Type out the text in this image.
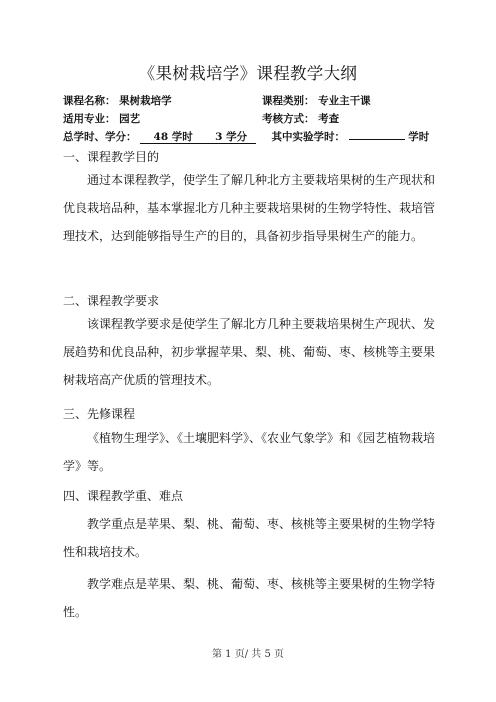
《果树栽培学》课程教学大纲
课程名称： 果树栽培学	课程类别： 专业主干课
适用专业： 园艺	考核方式： 考查
总学时、学分： 48 学时 3 学分 其中实验学时：	学时
一、课程教学目的
通过本课程教学，使学生了解几种北方主要栽培果树的生产现状和优良栽培品种，基本掌握北方几种主要栽培果树的生物学特性、栽培管理技术，达到能够指导生产的目的，具备初步指导果树生产的能力。
二、课程教学要求
该课程教学要求是使学生了解北方几种主要栽培果树生产现状、发展趋势和优良品种，初步掌握苹果、梨、桃、葡萄、枣、核桃等主要果树栽培高产优质的管理技术。
三、先修课程
《植物生理学》、《土壤肥料学》、《农业气象学》和《园艺植物栽培学》等。
四、课程教学重、难点
教学重点是苹果、梨、桃、葡萄、枣、核桃等主要果树的生物学特性和栽培技术。
教学难点是苹果、梨、桃、葡萄、枣、核桃等主要果树的生物学特性。
第 1 页/ 共 5 页
